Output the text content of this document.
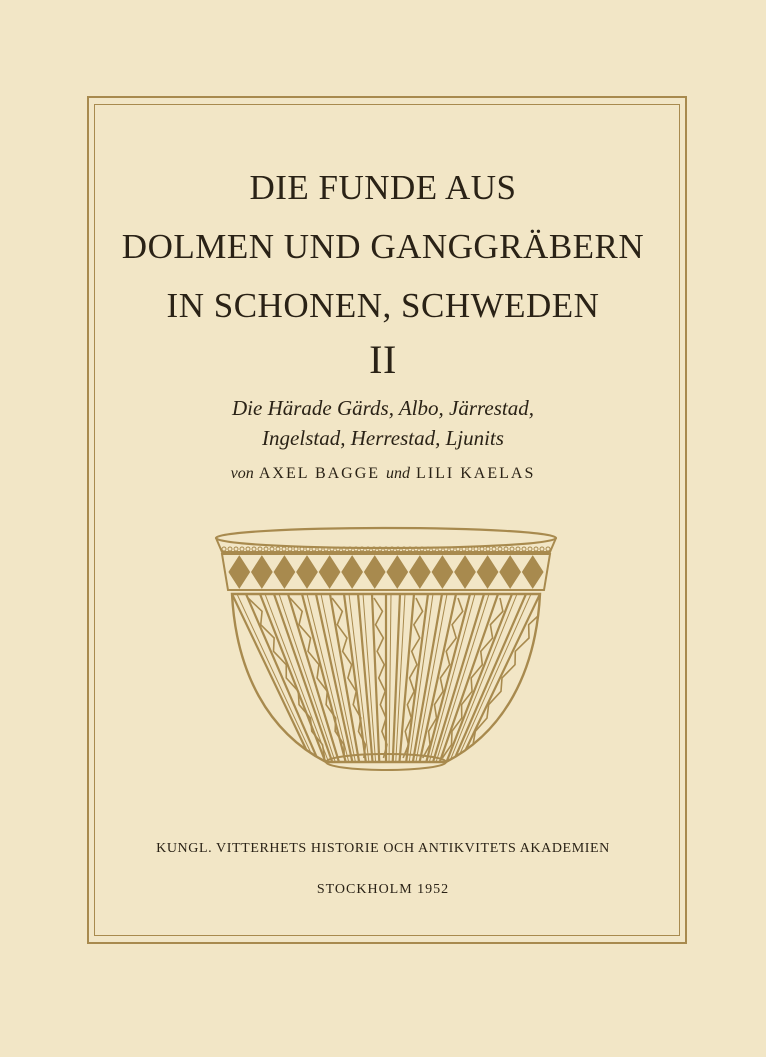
DIE FUNDE AUS
DOLMEN UND GANGGRÄBERN
IN SCHONEN, SCHWEDEN
II
Die Härade Gärds, Albo, Järrestad,
Ingelstad, Herrestad, Ljunits
von AXEL BAGGE und LILI KAELAS
KUNGL. VITTERHETS HISTORIE OCH ANTIKVITETS AKADEMIEN
STOCKHOLM 1952
